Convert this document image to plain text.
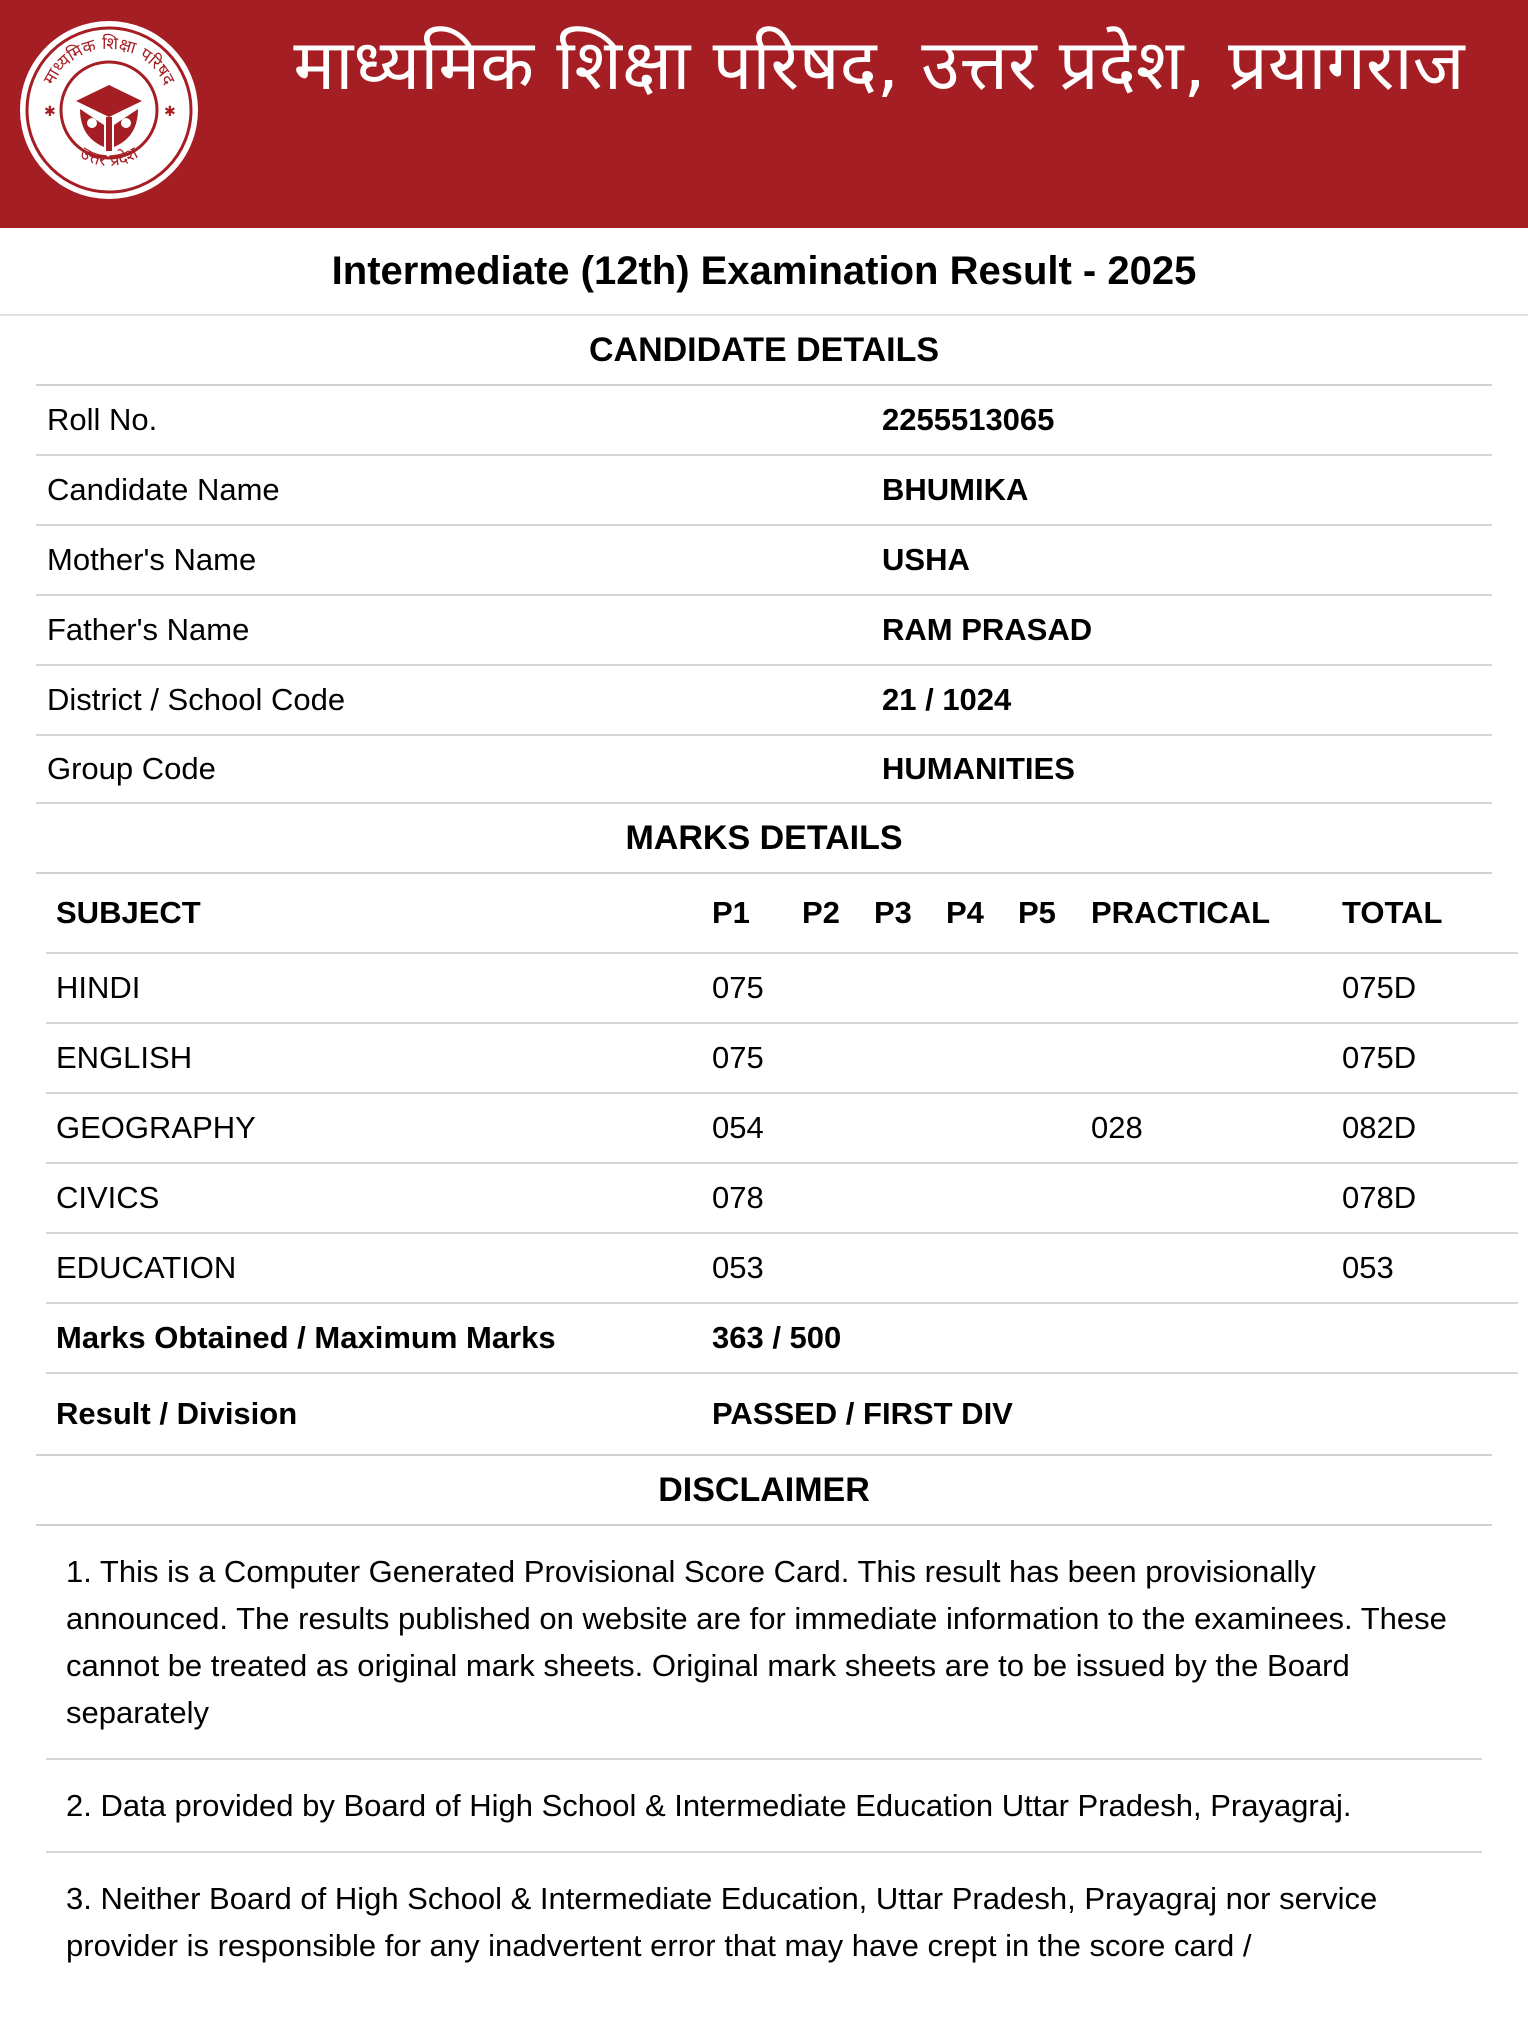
माध्यमिक शिक्षा परिषद
उत्तर प्रदेश
✱	✱
माध्यमिक शिक्षा परिषद, उत्तर प्रदेश, प्रयागराज
Intermediate (12th) Examination Result - 2025
CANDIDATE DETAILS
Roll No.	2255513065
Candidate Name	BHUMIKA
Mother's Name	USHA
Father's Name	RAM PRASAD
District / School Code	21 / 1024
Group Code	HUMANITIES
MARKS DETAILS
SUBJECT	P1	P2	P3	P4	P5	PRACTICAL	TOTAL
HINDI	075						075D
ENGLISH	075						075D
GEOGRAPHY	054					028	082D
CIVICS	078						078D
EDUCATION	053						053
Marks Obtained / Maximum Marks	363 / 500						
Result / Division	PASSED / FIRST DIV						
DISCLAIMER
1. This is a Computer Generated Provisional Score Card. This result has been provisionally announced. The results published on website are for immediate information to the examinees. These cannot be treated as original mark sheets. Original mark sheets are to be issued by the Board separately
2. Data provided by Board of High School & Intermediate Education Uttar Pradesh, Prayagraj.
3. Neither Board of High School & Intermediate Education, Uttar Pradesh, Prayagraj nor service provider is responsible for any inadvertent error that may have crept in the score card /
